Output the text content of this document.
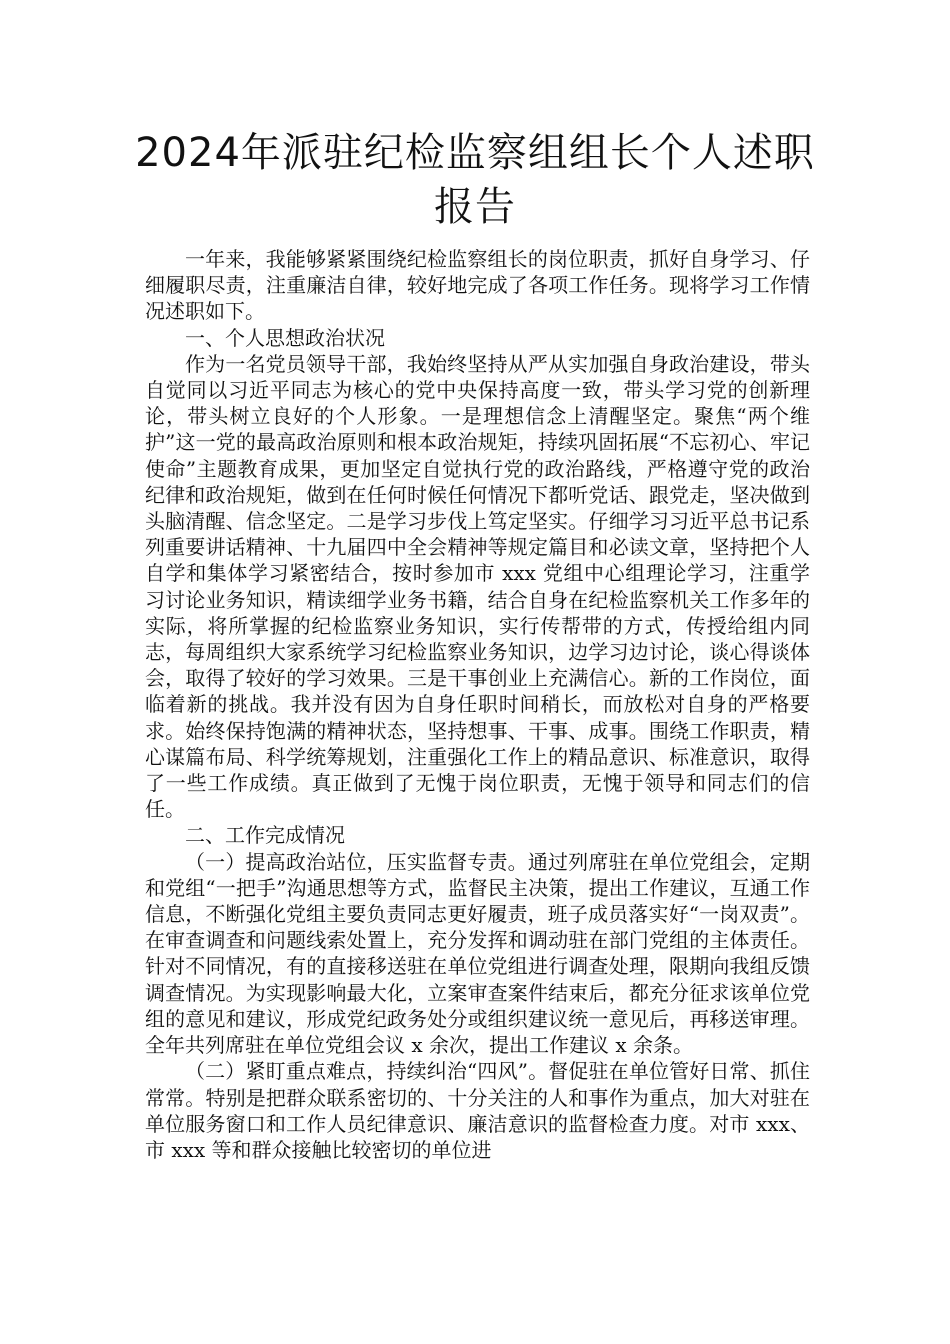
2024年派驻纪检监察组组长个人述职报告

一年来，我能够紧紧围绕纪检监察组长的岗位职责，抓好自身学习、仔细履职尽责，注重廉洁自律，较好地完成了各项工作任务。现将学习工作情况述职如下。

一、个人思想政治状况

作为一名党员领导干部，我始终坚持从严从实加强自身政治建设，带头自觉同以习近平同志为核心的党中央保持高度一致，带头学习党的创新理论，带头树立良好的个人形象。一是理想信念上清醒坚定。聚焦“两个维护”这一党的最高政治原则和根本政治规矩，持续巩固拓展“不忘初心、牢记使命”主题教育成果，更加坚定自觉执行党的政治路线，严格遵守党的政治纪律和政治规矩，做到在任何时候任何情况下都听党话、跟党走，坚决做到头脑清醒、信念坚定。二是学习步伐上笃定坚实。仔细学习习近平总书记系列重要讲话精神、十九届四中全会精神等规定篇目和必读文章，坚持把个人自学和集体学习紧密结合，按时参加市 xxx 党组中心组理论学习，注重学习讨论业务知识，精读细学业务书籍，结合自身在纪检监察机关工作多年的实际，将所掌握的纪检监察业务知识，实行传帮带的方式，传授给组内同志，每周组织大家系统学习纪检监察业务知识，边学习边讨论，谈心得谈体会，取得了较好的学习效果。三是干事创业上充满信心。新的工作岗位，面临着新的挑战。我并没有因为自身任职时间稍长，而放松对自身的严格要求。始终保持饱满的精神状态，坚持想事、干事、成事。围绕工作职责，精心谋篇布局、科学统筹规划，注重强化工作上的精品意识、标准意识，取得了一些工作成绩。真正做到了无愧于岗位职责，无愧于领导和同志们的信任。

二、工作完成情况

（一）提高政治站位，压实监督专责。通过列席驻在单位党组会，定期和党组“一把手”沟通思想等方式，监督民主决策，提出工作建议，互通工作信息，不断强化党组主要负责同志更好履责，班子成员落实好“一岗双责”。在审查调查和问题线索处置上，充分发挥和调动驻在部门党组的主体责任。针对不同情况，有的直接移送驻在单位党组进行调查处理，限期向我组反馈调查情况。为实现影响最大化，立案审查案件结束后，都充分征求该单位党组的意见和建议，形成党纪政务处分或组织建议统一意见后，再移送审理。全年共列席驻在单位党组会议 x 余次，提出工作建议 x 余条。

（二）紧盯重点难点，持续纠治“四风”。督促驻在单位管好日常、抓住常常。特别是把群众联系密切的、十分关注的人和事作为重点，加大对驻在单位服务窗口和工作人员纪律意识、廉洁意识的监督检查力度。对市 xxx、市 xxx 等和群众接触比较密切的单位进
